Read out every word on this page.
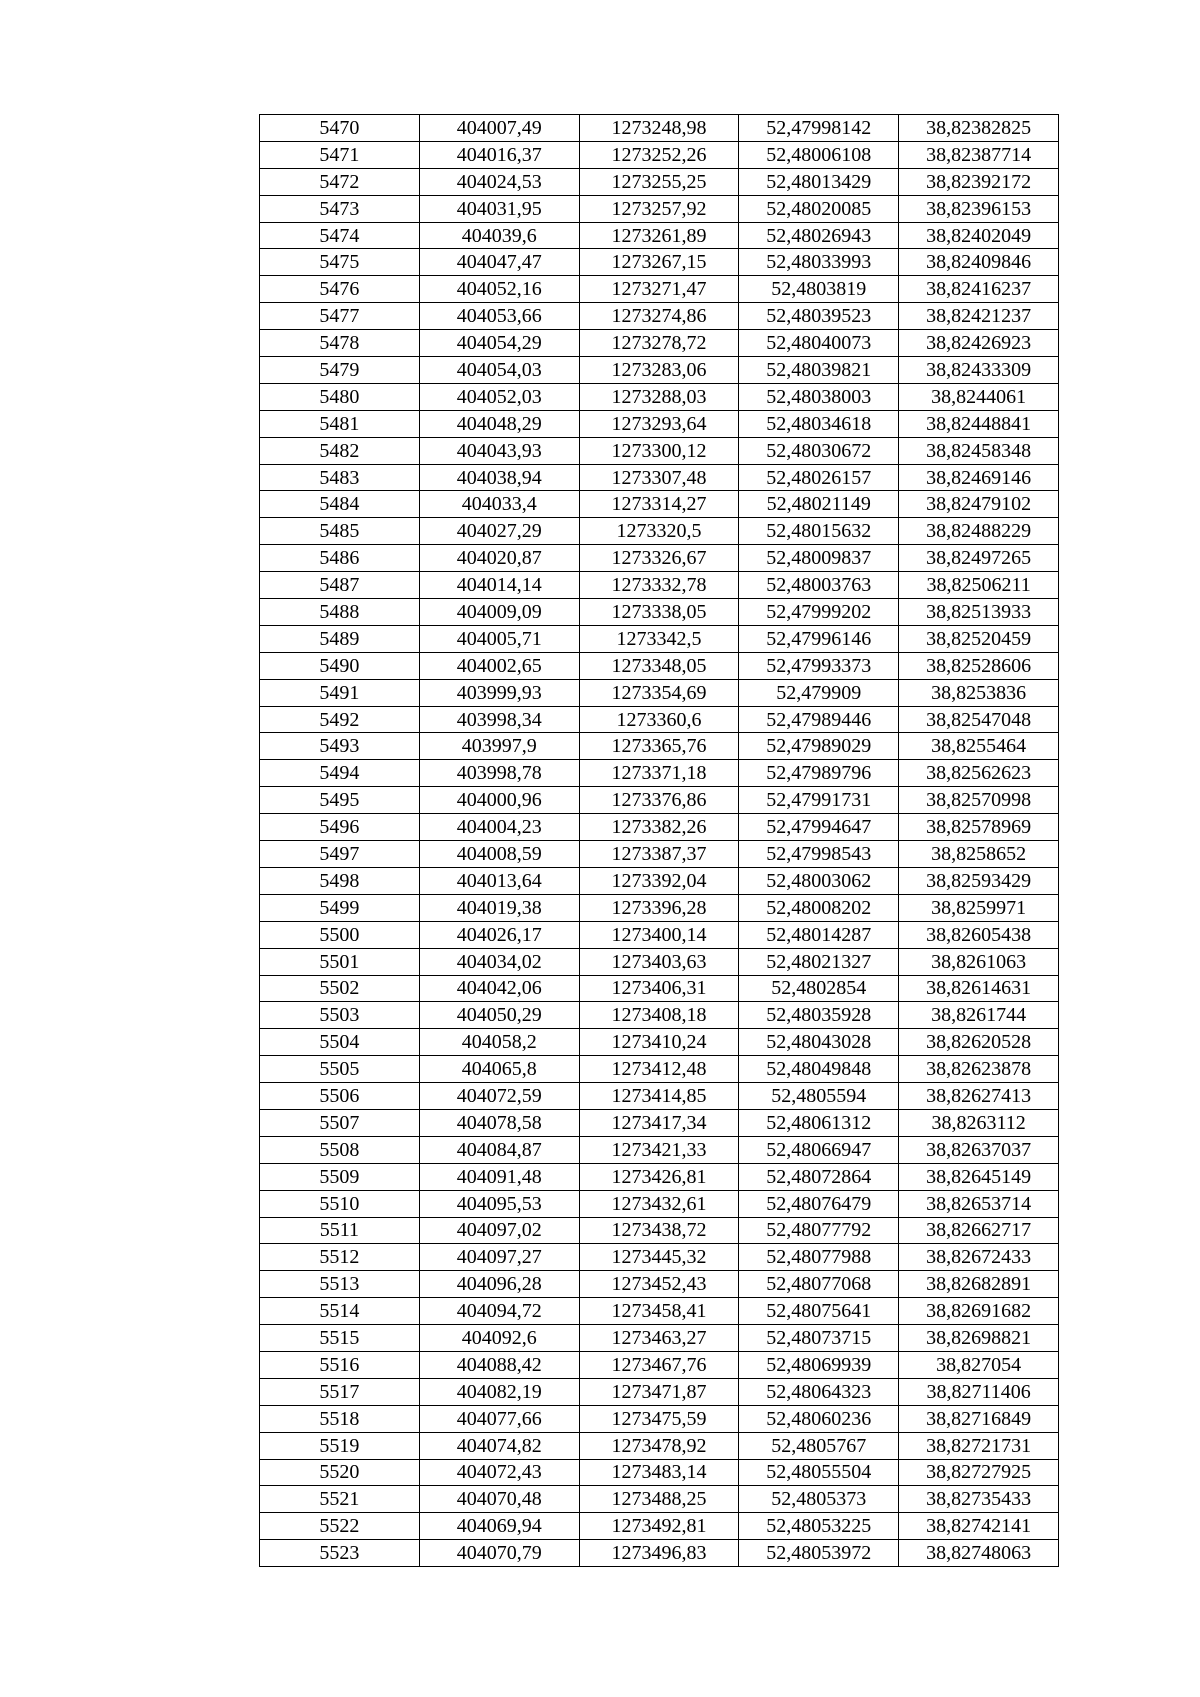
5470	404007,49	1273248,98	52,47998142	38,82382825
5471	404016,37	1273252,26	52,48006108	38,82387714
5472	404024,53	1273255,25	52,48013429	38,82392172
5473	404031,95	1273257,92	52,48020085	38,82396153
5474	404039,6	1273261,89	52,48026943	38,82402049
5475	404047,47	1273267,15	52,48033993	38,82409846
5476	404052,16	1273271,47	52,4803819	38,82416237
5477	404053,66	1273274,86	52,48039523	38,82421237
5478	404054,29	1273278,72	52,48040073	38,82426923
5479	404054,03	1273283,06	52,48039821	38,82433309
5480	404052,03	1273288,03	52,48038003	38,8244061
5481	404048,29	1273293,64	52,48034618	38,82448841
5482	404043,93	1273300,12	52,48030672	38,82458348
5483	404038,94	1273307,48	52,48026157	38,82469146
5484	404033,4	1273314,27	52,48021149	38,82479102
5485	404027,29	1273320,5	52,48015632	38,82488229
5486	404020,87	1273326,67	52,48009837	38,82497265
5487	404014,14	1273332,78	52,48003763	38,82506211
5488	404009,09	1273338,05	52,47999202	38,82513933
5489	404005,71	1273342,5	52,47996146	38,82520459
5490	404002,65	1273348,05	52,47993373	38,82528606
5491	403999,93	1273354,69	52,479909	38,8253836
5492	403998,34	1273360,6	52,47989446	38,82547048
5493	403997,9	1273365,76	52,47989029	38,8255464
5494	403998,78	1273371,18	52,47989796	38,82562623
5495	404000,96	1273376,86	52,47991731	38,82570998
5496	404004,23	1273382,26	52,47994647	38,82578969
5497	404008,59	1273387,37	52,47998543	38,8258652
5498	404013,64	1273392,04	52,48003062	38,82593429
5499	404019,38	1273396,28	52,48008202	38,8259971
5500	404026,17	1273400,14	52,48014287	38,82605438
5501	404034,02	1273403,63	52,48021327	38,8261063
5502	404042,06	1273406,31	52,4802854	38,82614631
5503	404050,29	1273408,18	52,48035928	38,8261744
5504	404058,2	1273410,24	52,48043028	38,82620528
5505	404065,8	1273412,48	52,48049848	38,82623878
5506	404072,59	1273414,85	52,4805594	38,82627413
5507	404078,58	1273417,34	52,48061312	38,8263112
5508	404084,87	1273421,33	52,48066947	38,82637037
5509	404091,48	1273426,81	52,48072864	38,82645149
5510	404095,53	1273432,61	52,48076479	38,82653714
5511	404097,02	1273438,72	52,48077792	38,82662717
5512	404097,27	1273445,32	52,48077988	38,82672433
5513	404096,28	1273452,43	52,48077068	38,82682891
5514	404094,72	1273458,41	52,48075641	38,82691682
5515	404092,6	1273463,27	52,48073715	38,82698821
5516	404088,42	1273467,76	52,48069939	38,827054
5517	404082,19	1273471,87	52,48064323	38,82711406
5518	404077,66	1273475,59	52,48060236	38,82716849
5519	404074,82	1273478,92	52,4805767	38,82721731
5520	404072,43	1273483,14	52,48055504	38,82727925
5521	404070,48	1273488,25	52,4805373	38,82735433
5522	404069,94	1273492,81	52,48053225	38,82742141
5523	404070,79	1273496,83	52,48053972	38,82748063
